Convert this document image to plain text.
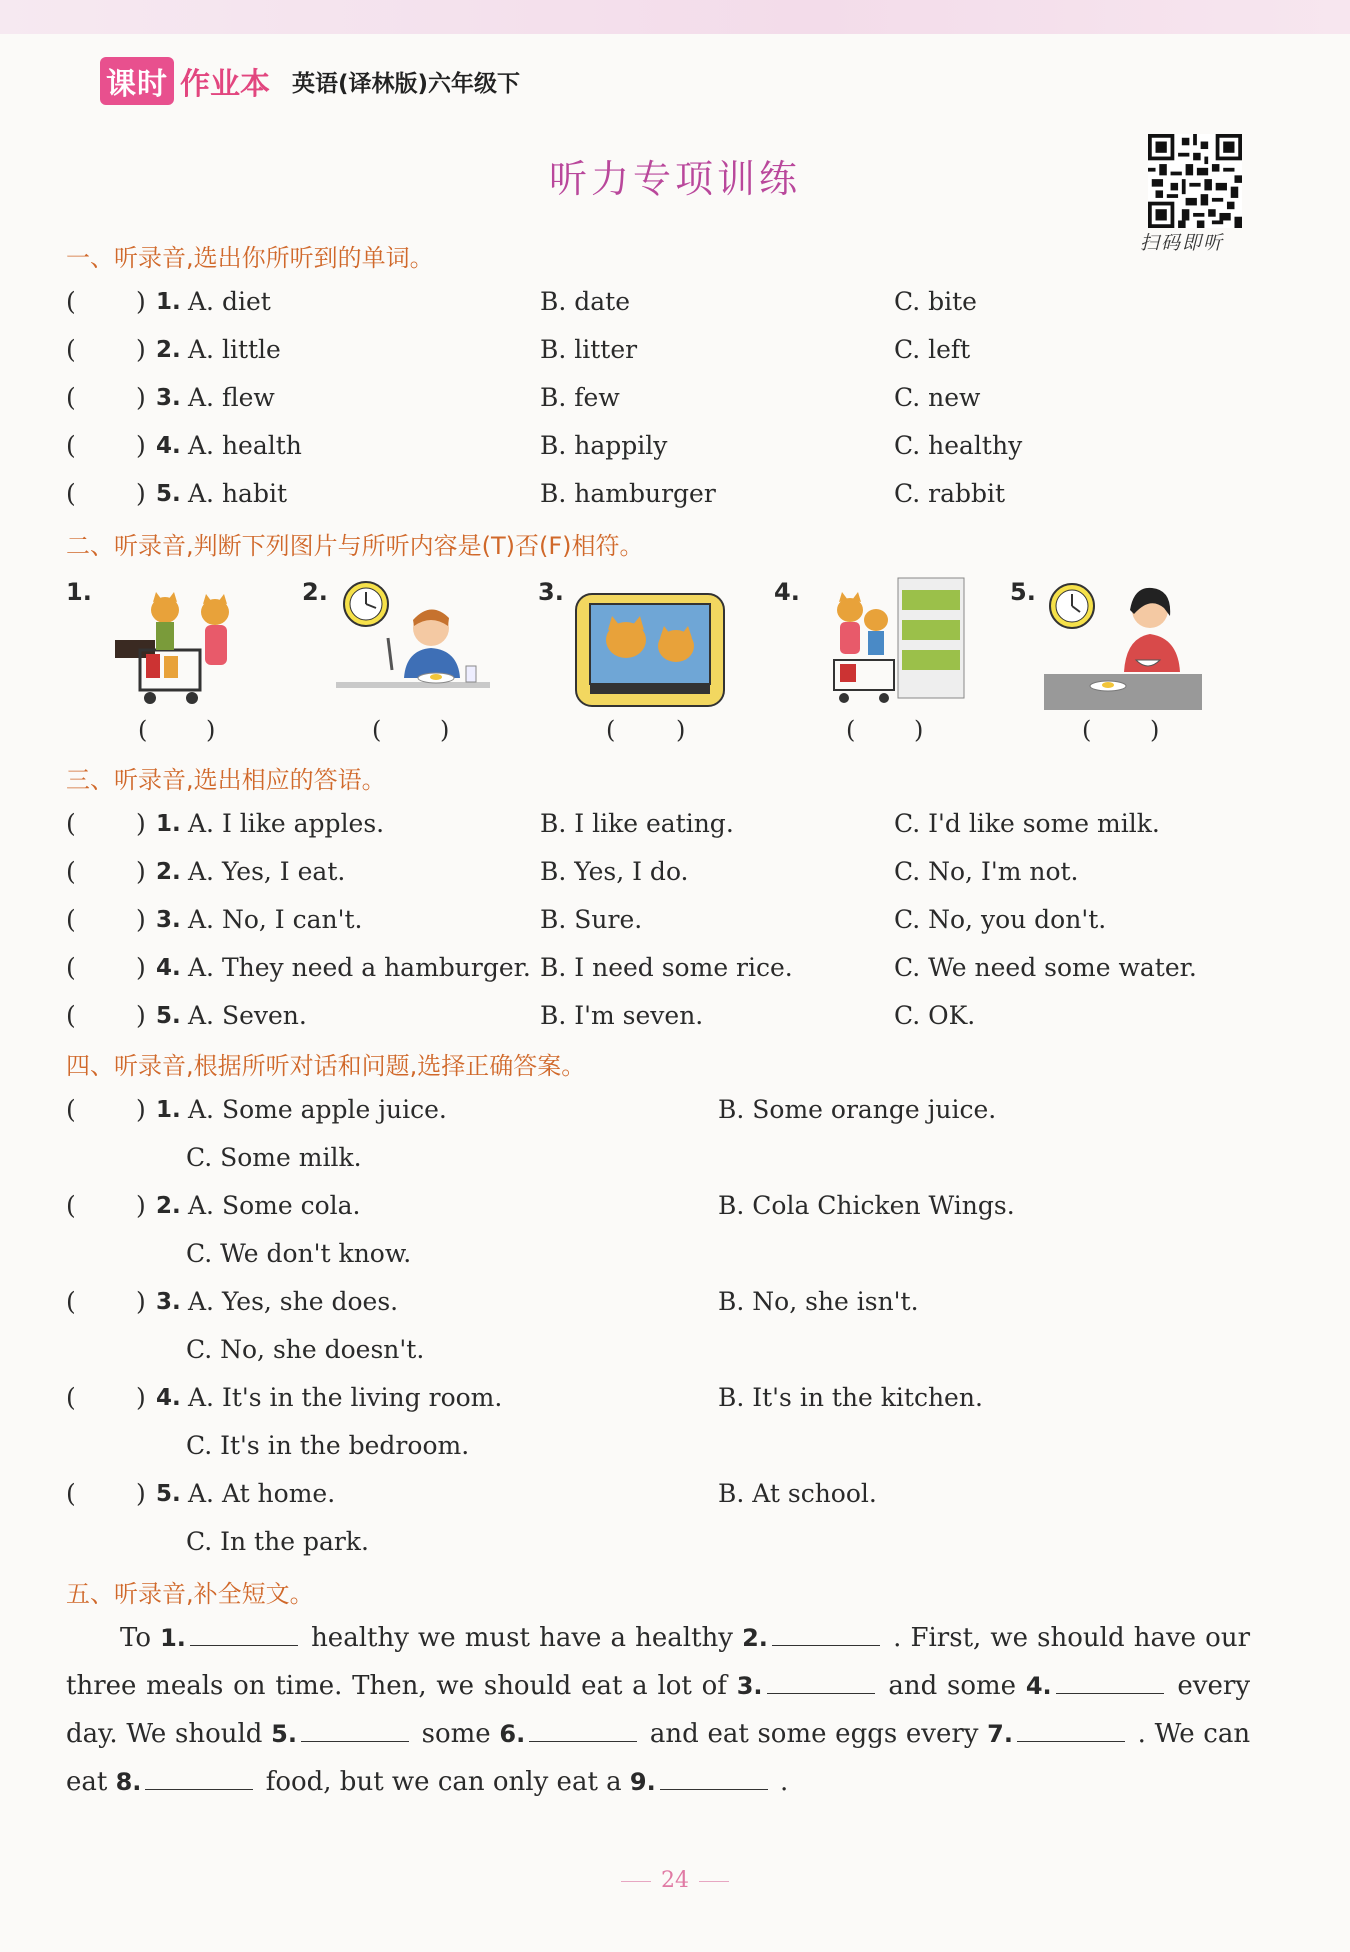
课时 作业本 英语(译林版)六年级下
听力专项训练
扫码即听
一、听录音,选出你所听到的单词。
( ) 1. A. diet	B. date	C. bite
( ) 2. A. little	B. litter	C. left
( ) 3. A. flew	B. few	C. new
( ) 4. A. health	B. happily	C. healthy
( ) 5. A. habit	B. hamburger	C. rabbit
二、听录音,判断下列图片与所听内容是(T)否(F)相符。
1.
( )
2.
( )
3.
(	)
4.
( )
5.
( )
三、听录音,选出相应的答语。
( ) 1. A. I like apples.	B. I like eating.	C. I'd like some milk.
( ) 2. A. Yes, I eat.	B. Yes, I do.	C. No, I'm not.
( ) 3. A. No, I can't.	B. Sure.	C. No, you don't.
( ) 4. A. They need a hamburger. B. I need some rice.	C. We need some water.
( ) 5. A. Seven.	B. I'm seven.	C. OK.
四、听录音,根据所听对话和问题,选择正确答案。
( ) 1. A. Some apple juice.	B. Some orange juice.
C. Some milk.
( ) 2. A. Some cola.	B. Cola Chicken Wings.
C. We don't know.
( ) 3. A. Yes, she does.	B. No, she isn't.
C. No, she doesn't.
( ) 4. A. It's in the living room.	B. It's in the kitchen.
C. It's in the bedroom.
( ) 5. A. At home.	B. At school.
C. In the park.
五、听录音,补全短文。
To 1.	healthy we must have a healthy 2.	. First, we should have our three meals on time. Then, we should eat a lot of 3.	and some 4.	every day. We should 5.	some 6.	and eat some eggs every 7.	. We can eat 8.	food, but we can only eat a 9.	.
24
